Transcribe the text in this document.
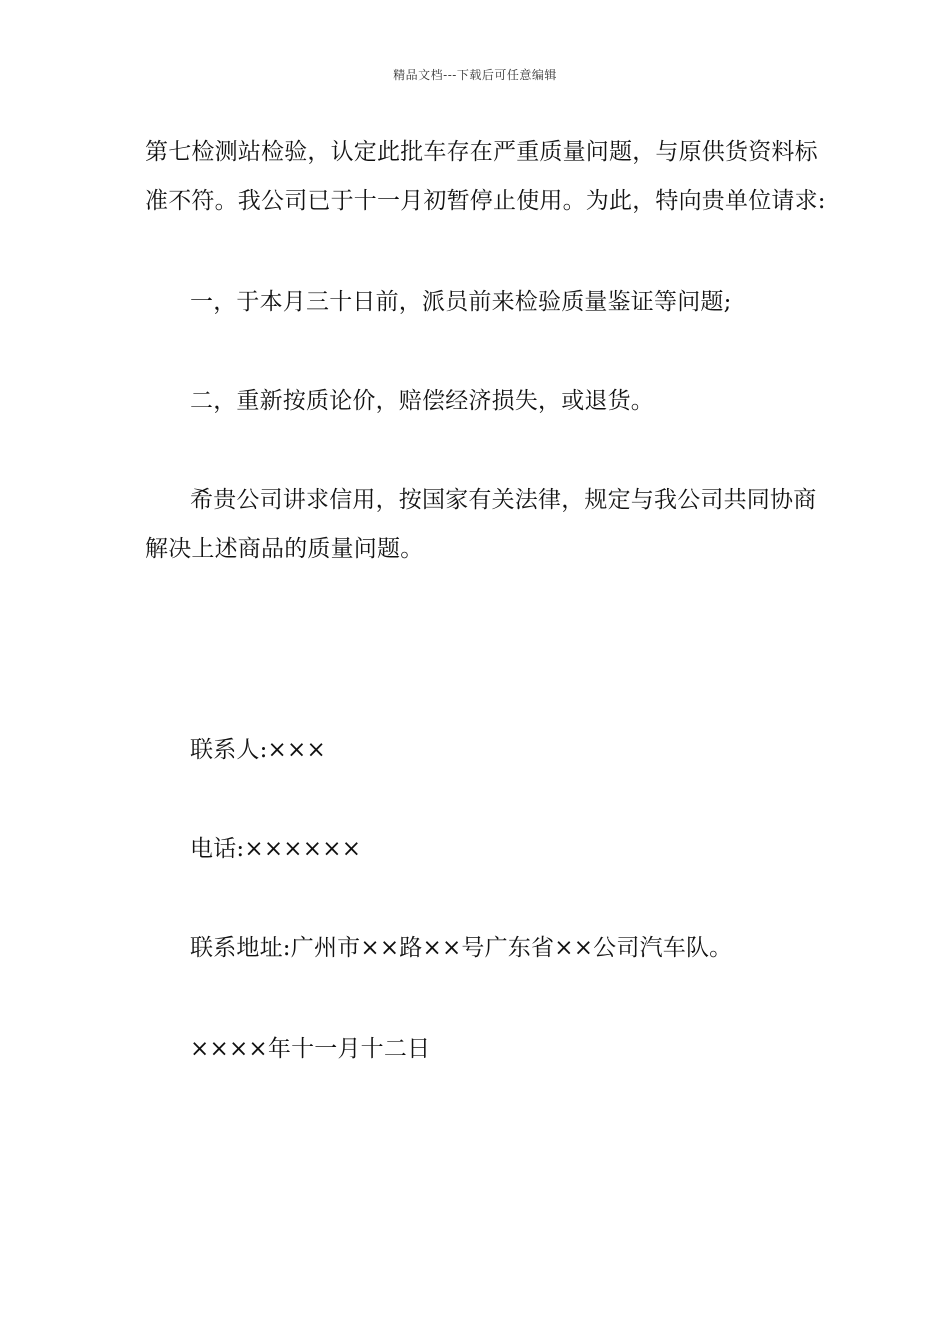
精品文档---下载后可任意编辑
第七检测站检验，认定此批车存在严重质量问题，与原供货资料标
准不符。我公司已于十一月初暂停止使用。为此，特向贵单位请求:
一，于本月三十日前，派员前来检验质量鉴证等问题;
二，重新按质论价，赔偿经济损失，或退货。
希贵公司讲求信用，按国家有关法律，规定与我公司共同协商
解决上述商品的质量问题。
联系人:×××
电话:××××××
联系地址:广州市××路××号广东省××公司汽车队。
××××年十一月十二日
